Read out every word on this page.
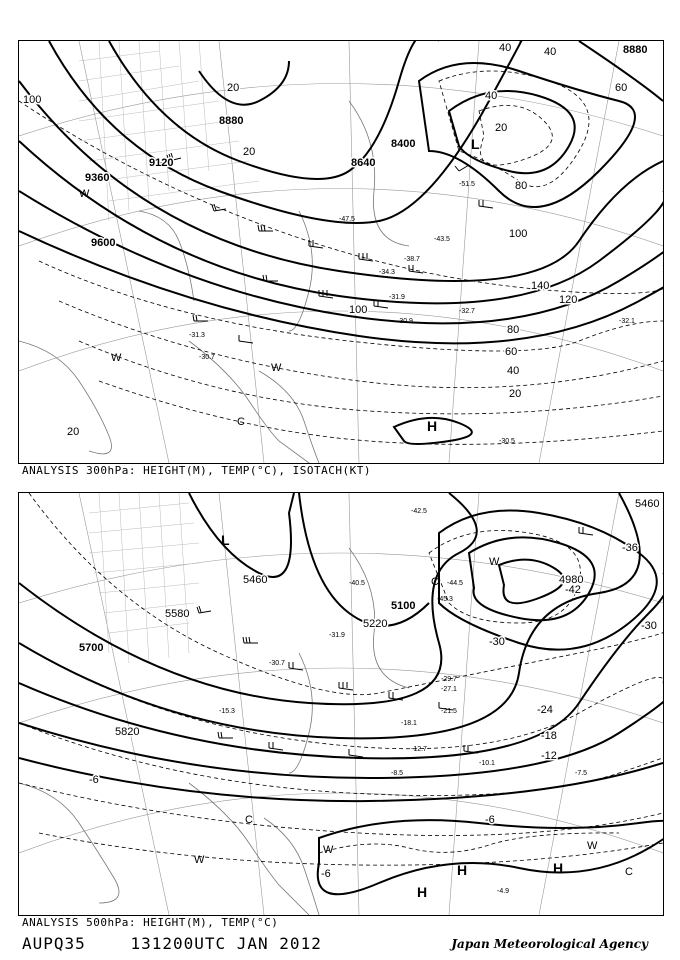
8880
8880
8640
8400
9120
9360
9600
20
20
40
40
20
40
60
80
100
100
140
120
80
60
40
20
20
100
-51.5
-47.5
-43.5
-38.7
-34.3
-31.9
-30.9
-32.7
-32.1
-30.5
-31.3
-30.7
L
H
C
W
W
W
ANALYSIS 300hPa: HEIGHT(M), TEMP(°C), ISOTACH(KT)
5460
5460
5580
5700
5820
5100
5220
4980
-36
-42
-30
-24
-18
-12
-6
-6
-6
-30
-42.5
-44.5
-45.3
-40.5
-31.9
-29.7
-27.1
-21.5
-18.1
-12.7
-10.1
-8.5	-7.5
-4.9
-30.7
-15.3
L
C
C
W
W
W
H	H
H
W
C
ANALYSIS 500hPa: HEIGHT(M), TEMP(°C)
AUPQ35	131200UTC JAN 2012	Japan Meteorological Agency
